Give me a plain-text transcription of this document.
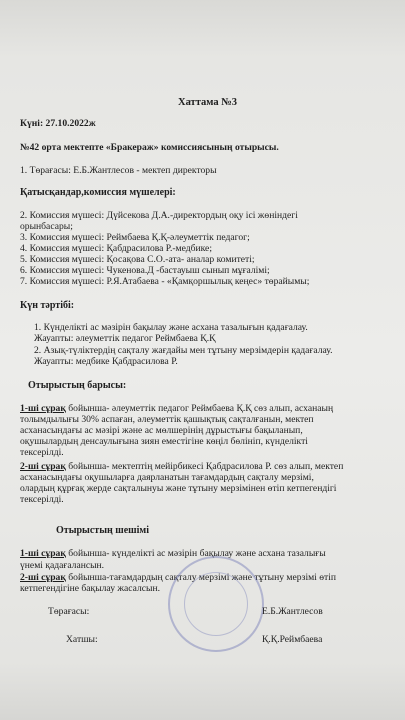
Хаттама №3
Күні: 27.10.2022ж
№42 орта мектепте «Бракераж» комиссиясының отырысы.
1. Төрағасы: Е.Б.Жантлесов - мектеп директоры
Қатысқандар,комиссия мүшелері:
2. Комиссия мүшесі: Дүйсекова Д.А.-директордың оқу ісі жөніндегі
орынбасары;
3. Комиссия мүшесі: Реймбаева Қ.Қ-әлеуметтік педагог;
4. Комиссия мүшесі: Қабдрасилова Р.-медбике;
5. Комиссия мүшесі: Қосақова С.О.-ата- аналар комитеті;
6. Комиссия мүшесі: Чукенова.Д -бастауыш сынып мұғалімі;
7. Комиссия мүшесі: Р.Я.Атабаева - «Қамқоршылық кеңес» төрайымы;
Күн тәртібі:
1. Күнделікті ас мәзірін бақылау және асхана тазалығын қадағалау.
Жауапты: әлеуметтік педагог Реймбаева Қ.Қ
2. Азық-түліктердің сақталу жағдайы мен тұтыну мерзімдерін қадағалау.
Жауапты: медбике Қабдрасилова Р.
Отырыстың барысы:
1-ші сұрақ бойынша- әлеуметтік педагог Реймбаева Қ.Қ сөз алып, асханаың
толымдылығы 30% аспаған, әлеуметтік қашықтық сақталғанын, мектеп
асханасындағы ас мәзірі және ас мөлшерінің дұрыстығы бақыланып,
оқушылардың денсаулығына зиян еместігіне көңіл бөлініп, күнделікті
тексерілді.
2-ші сұрақ бойынша- мектептің мейірбикесі Қабдрасилова Р. сөз алып, мектеп
асханасындағы оқушыларға даярланатын тағамдардың сақталу мерзімі,
олардың құрғақ жерде сақталынуы және тұтыну мерзімінен өтіп кетпегендігі
тексерілді.
Отырыстың шешімі
1-ші сұрақ бойынша- күнделікті ас мәзірін бақылау және асхана тазалығы
үнемі қадағалансын.
2-ші сұрақ бойынша-тағамдардың сақталу мерзімі және тұтыну мерзімі өтіп
кетпегендігіне бақылау жасалсын.
Төрағасы:	Е.Б.Жантлесов
Хатшы:	Қ.Қ.Реймбаева
